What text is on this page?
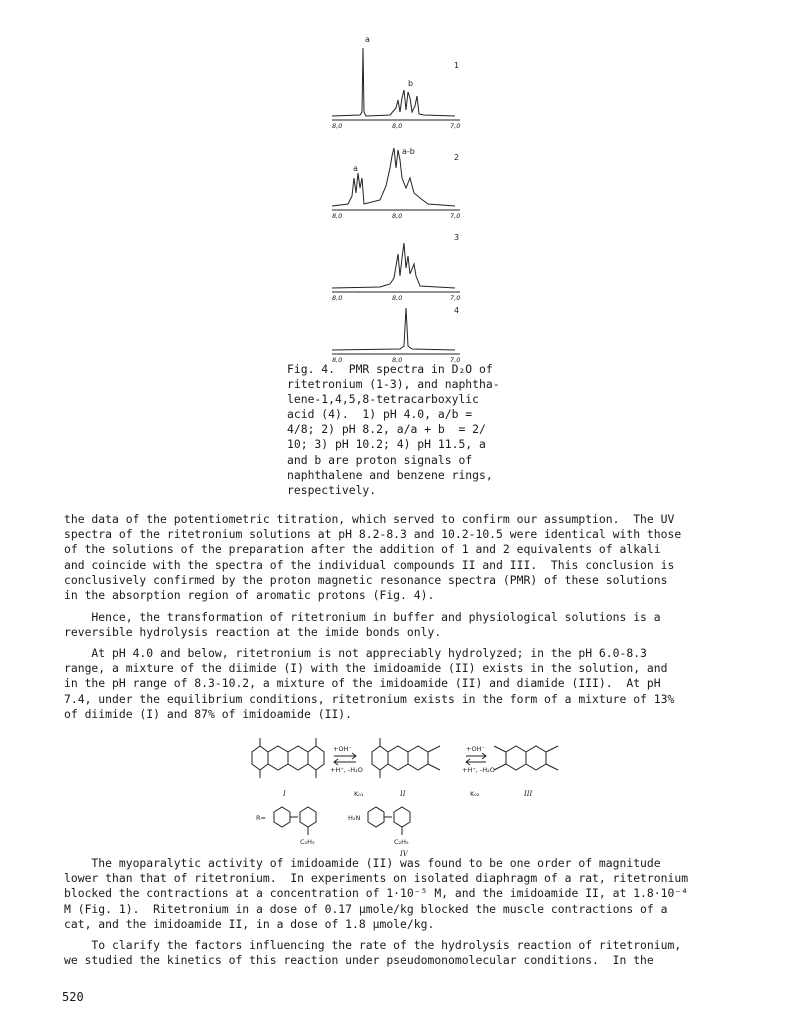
8,0	8,0	7,0
8,0	8,0	7,0
8,0	8,0	7,0
8,0	8,0	7,0
a
b
a
a-b
1
2
3
4
Fig. 4.  PMR spectra in D₂O of
ritetronium (1-3), and naphtha-
lene-1,4,5,8-tetracarboxylic
acid (4).  1) pH 4.0, a/b =
4/8; 2) pH 8.2, a/a + b  = 2/
10; 3) pH 10.2; 4) pH 11.5, a
and b are proton signals of
naphthalene and benzene rings,
respectively.
the data of the potentiometric titration, which served to confirm our assumption.  The UV
spectra of the ritetronium solutions at pH 8.2-8.3 and 10.2-10.5 were identical with those
of the solutions of the preparation after the addition of 1 and 2 equivalents of alkali
and coincide with the spectra of the individual compounds II and III.  This conclusion is
conclusively confirmed by the proton magnetic resonance spectra (PMR) of these solutions
in the absorption region of aromatic protons (Fig. 4).
Hence, the transformation of ritetronium in buffer and physiological solutions is a
reversible hydrolysis reaction at the imide bonds only.
At pH 4.0 and below, ritetronium is not appreciably hydrolyzed; in the pH 6.0-8.3
range, a mixture of the diimide (I) with the imidoamide (II) exists in the solution, and
in the pH range of 8.3-10.2, a mixture of the imidoamide (II) and diamide (III).  At pH
7.4, under the equilibrium conditions, ritetronium exists in the form of a mixture of 13%
of diimide (I) and 87% of imidoamide (II).
+OH⁻
+H⁺, -H₂O
+OH⁻
+H⁺, -H₂O
K₀₁	K₀₂
R=	H₂N
C₂H₅	C₂H₅
I	II	III
IV
The myoparalytic activity of imidoamide (II) was found to be one order of magnitude
lower than that of ritetronium.  In experiments on isolated diaphragm of a rat, ritetronium
blocked the contractions at a concentration of 1·10⁻⁵ M, and the imidoamide II, at 1.8·10⁻⁴
M (Fig. 1).  Ritetronium in a dose of 0.17 μmole/kg blocked the muscle contractions of a
cat, and the imidoamide II, in a dose of 1.8 μmole/kg.
To clarify the factors influencing the rate of the hydrolysis reaction of ritetronium,
we studied the kinetics of this reaction under pseudomonomolecular conditions.  In the
520
